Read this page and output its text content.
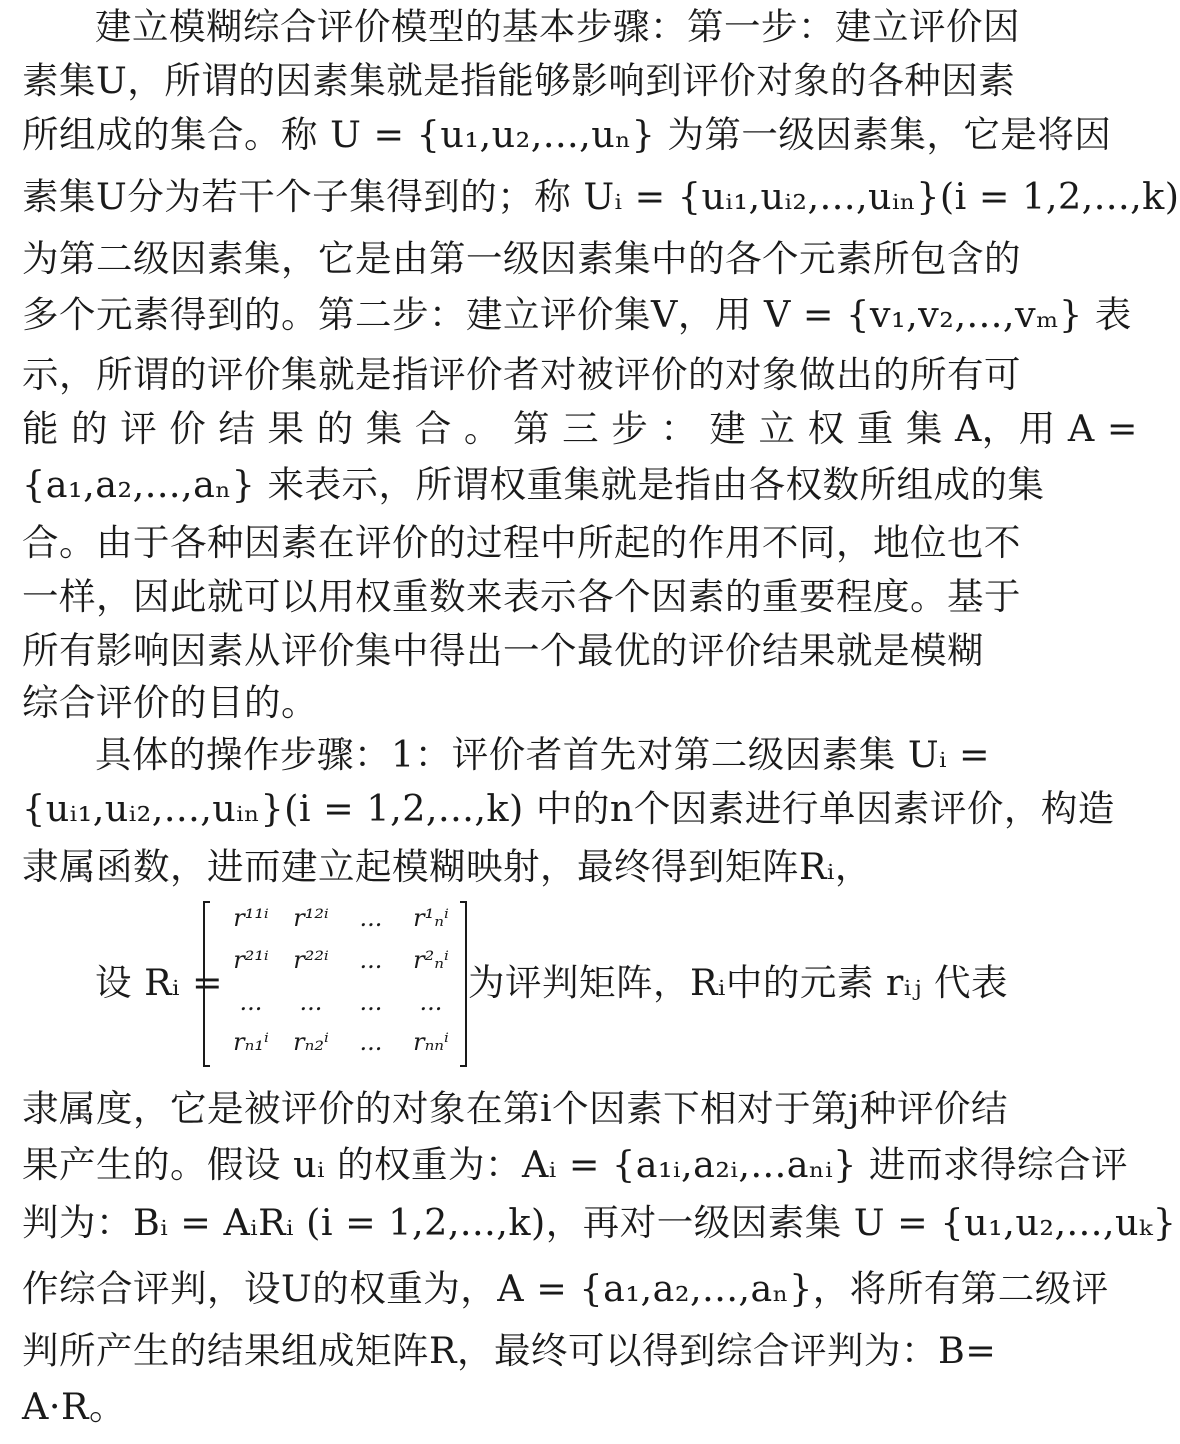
建立模糊综合评价模型的基本步骤：第一步：建立评价因
素集U，所谓的因素集就是指能够影响到评价对象的各种因素
所组成的集合。称 U = {u₁,u₂,...,uₙ} 为第一级因素集，它是将因
素集U分为若干个子集得到的；称 Uᵢ = {uᵢ₁,uᵢ₂,...,uᵢₙ}(i = 1,2,...,k)
为第二级因素集，它是由第一级因素集中的各个元素所包含的
多个元素得到的。第二步：建立评价集V，用 V = {v₁,v₂,...,vₘ} 表
示，所谓的评价集就是指评价者对被评价的对象做出的所有可
能 的 评 价 结 果 的 集 合 。 第 三 步 ： 建 立 权 重 集 A，用 A =
{a₁,a₂,...,aₙ} 来表示，所谓权重集就是指由各权数所组成的集
合。由于各种因素在评价的过程中所起的作用不同，地位也不
一样，因此就可以用权重数来表示各个因素的重要程度。基于
所有影响因素从评价集中得出一个最优的评价结果就是模糊
综合评价的目的。
具体的操作步骤：1：评价者首先对第二级因素集 Uᵢ =
{uᵢ₁,uᵢ₂,...,uᵢₙ}(i = 1,2,...,k) 中的n个因素进行单因素评价，构造
隶属函数，进而建立起模糊映射，最终得到矩阵Rᵢ，
设 Rᵢ =
r¹¹ⁱ	r¹²ⁱ	...	r¹ₙⁱ
r²¹ⁱ	r²²ⁱ	...	r²ₙⁱ
...	...	...	...
rₙ₁ⁱ	rₙ₂ⁱ	...	rₙₙⁱ
为评判矩阵，Rᵢ中的元素 rᵢⱼ 代表
隶属度，它是被评价的对象在第i个因素下相对于第j种评价结
果产生的。假设 uᵢ 的权重为：Aᵢ = {a₁ᵢ,a₂ᵢ,...aₙᵢ} 进而求得综合评
判为：Bᵢ = AᵢRᵢ (i = 1,2,...,k)，再对一级因素集 U = {u₁,u₂,...,uₖ}
作综合评判，设U的权重为，A = {a₁,a₂,...,aₙ}，将所有第二级评
判所产生的结果组成矩阵R，最终可以得到综合评判为：B=
A·R。
